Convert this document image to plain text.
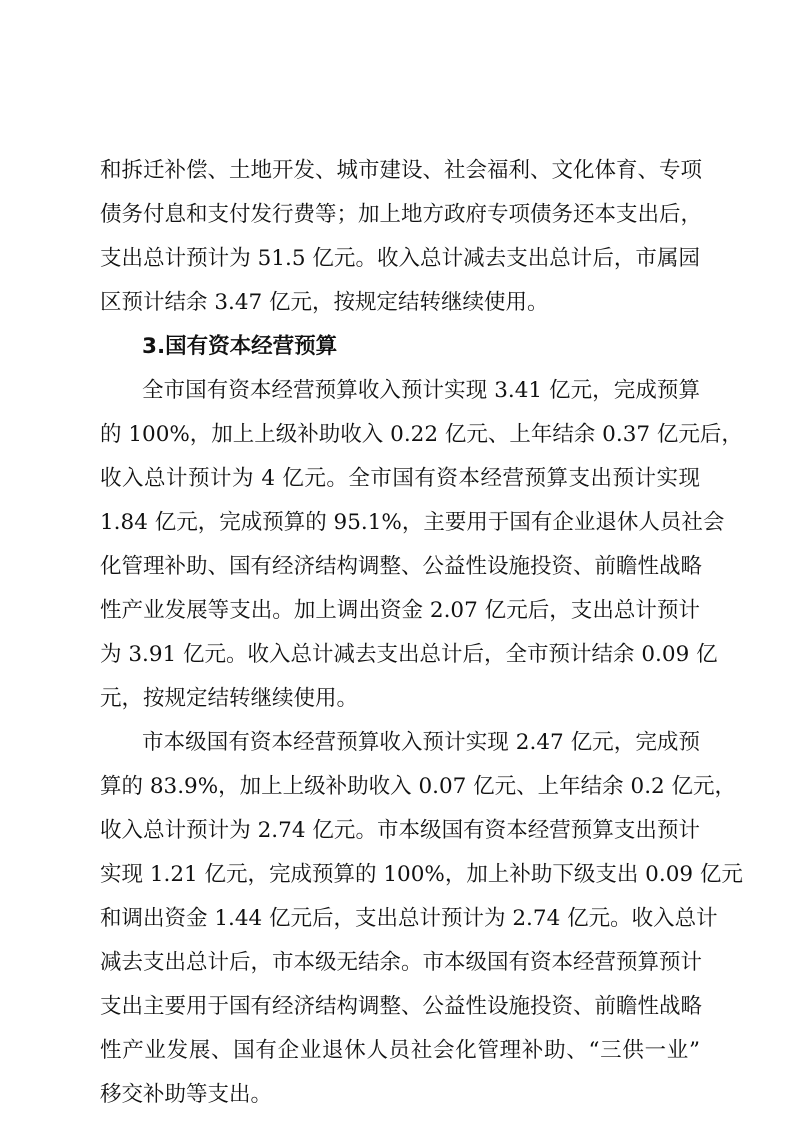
和拆迁补偿、土地开发、城市建设、社会福利、文化体育、专项
债务付息和支付发行费等；加上地方政府专项债务还本支出后，
支出总计预计为 51.5 亿元。收入总计减去支出总计后，市属园
区预计结余 3.47 亿元，按规定结转继续使用。
3.国有资本经营预算
全市国有资本经营预算收入预计实现 3.41 亿元，完成预算
的 100%，加上上级补助收入 0.22 亿元、上年结余 0.37 亿元后，
收入总计预计为 4 亿元。全市国有资本经营预算支出预计实现
1.84 亿元，完成预算的 95.1%，主要用于国有企业退休人员社会
化管理补助、国有经济结构调整、公益性设施投资、前瞻性战略
性产业发展等支出。加上调出资金 2.07 亿元后，支出总计预计
为 3.91 亿元。收入总计减去支出总计后，全市预计结余 0.09 亿
元，按规定结转继续使用。
市本级国有资本经营预算收入预计实现 2.47 亿元，完成预
算的 83.9%，加上上级补助收入 0.07 亿元、上年结余 0.2 亿元，
收入总计预计为 2.74 亿元。市本级国有资本经营预算支出预计
实现 1.21 亿元，完成预算的 100%，加上补助下级支出 0.09 亿元
和调出资金 1.44 亿元后，支出总计预计为 2.74 亿元。收入总计
减去支出总计后，市本级无结余。市本级国有资本经营预算预计
支出主要用于国有经济结构调整、公益性设施投资、前瞻性战略
性产业发展、国有企业退休人员社会化管理补助、“三供一业”
移交补助等支出。
